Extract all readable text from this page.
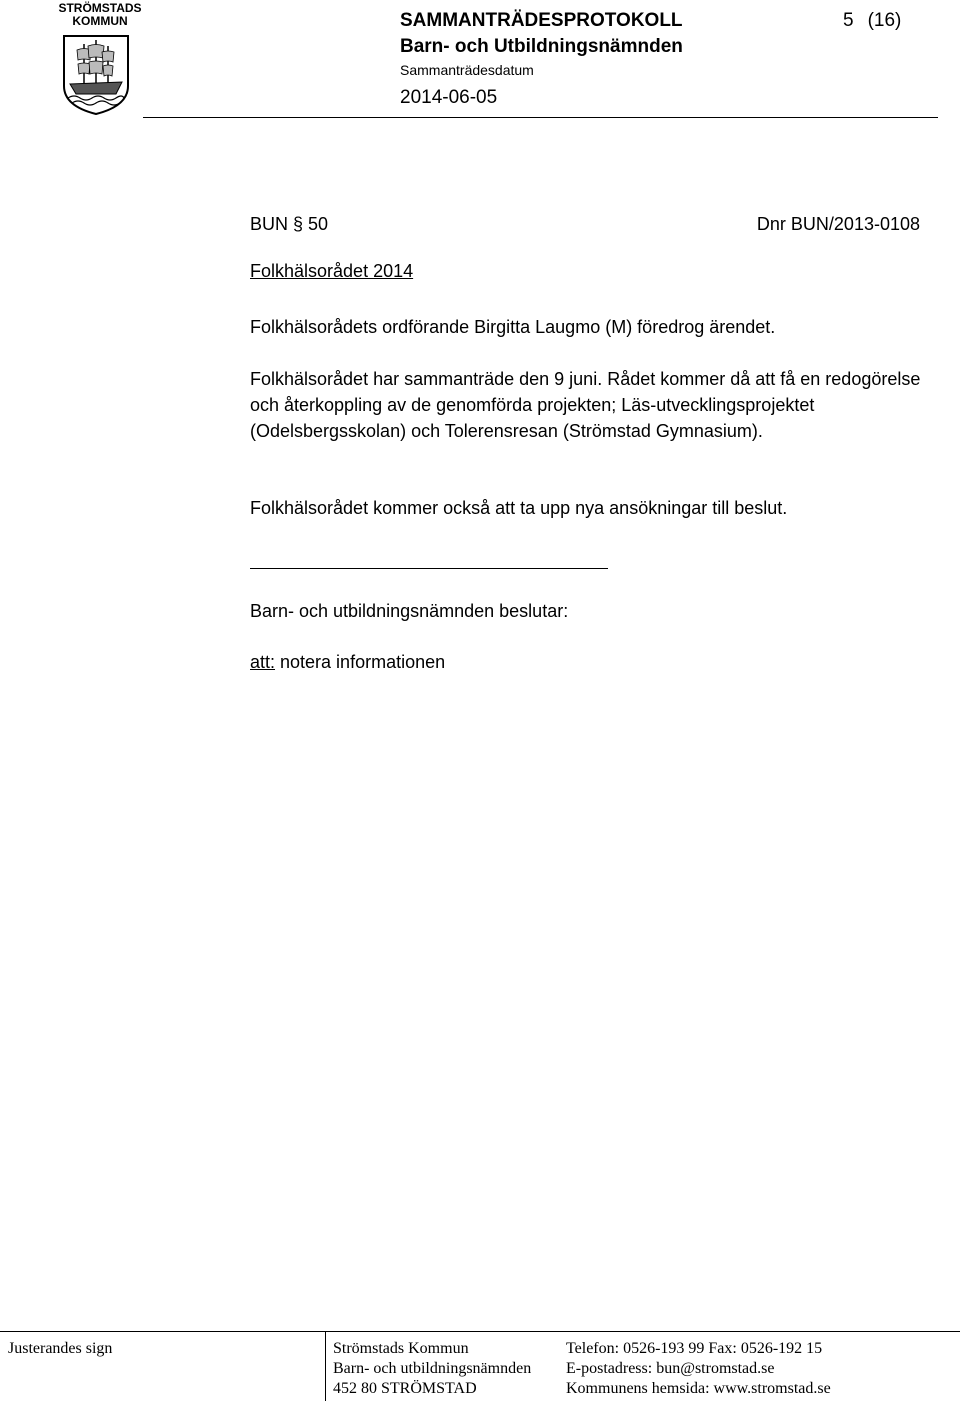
STRÖMSTADS
KOMMUN	SAMMANTRÄDESPROTOKOLL
Barn- och Utbildningsnämnden
Sammanträdesdatum
2014-06-05
5 (16)
BUN § 50	Dnr BUN/2013-0108
Folkhälsorådet 2014
Folkhälsorådets ordförande Birgitta Laugmo (M) föredrog ärendet.
Folkhälsorådet har sammanträde den 9 juni. Rådet kommer då att få en redogörelse och återkoppling av de genomförda projekten; Läs-utvecklingsprojektet (Odelsbergsskolan) och Tolerensresan (Strömstad Gymnasium).
Folkhälsorådet kommer också att ta upp nya ansökningar till beslut.
Barn- och utbildningsnämnden beslutar:
att: notera informationen
Justerandes sign	Strömstads Kommun
Barn- och utbildningsnämnden
452 80 STRÖMSTAD
Telefon: 0526-193 99 Fax: 0526-192 15
E-postadress: bun@stromstad.se
Kommunens hemsida: www.stromstad.se
